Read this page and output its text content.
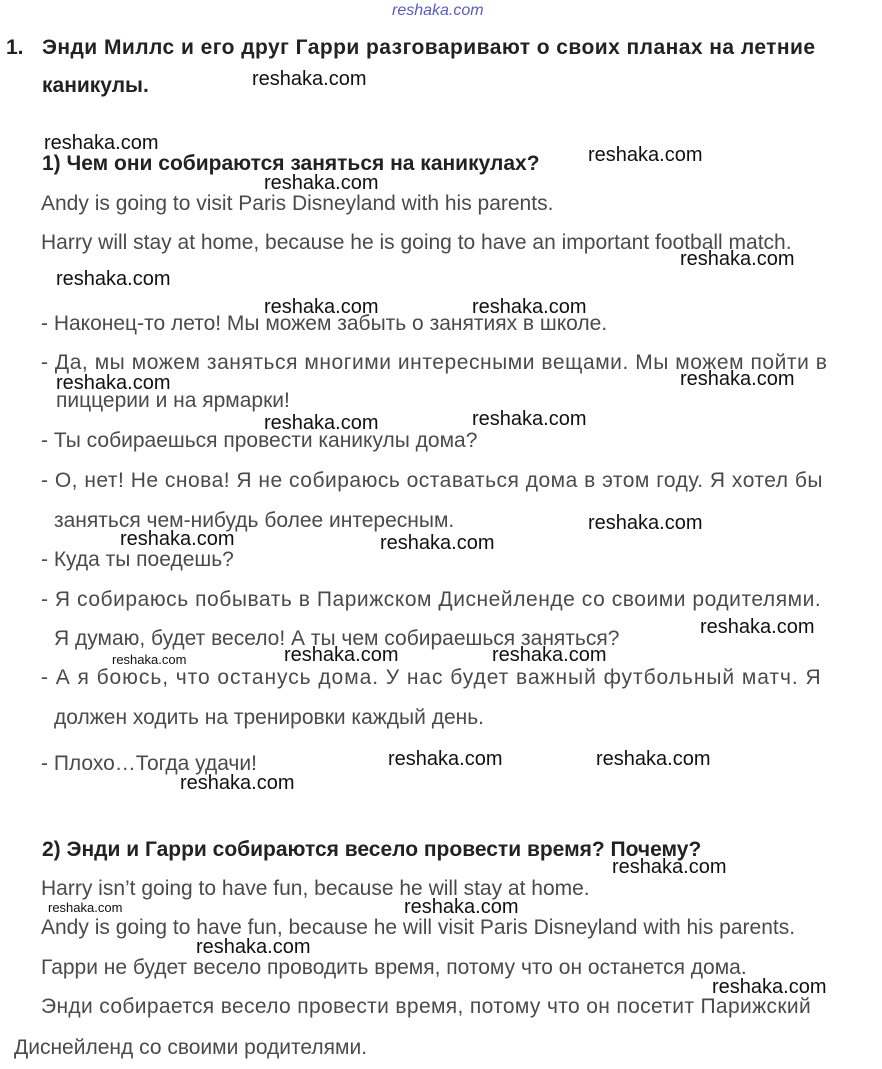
reshaka.com
1. Энди Миллс и его друг Гарри разговаривают о своих планах на летние
каникулы.
1) Чем они собираются заняться на каникулах?
Andy is going to visit Paris Disneyland with his parents.
Harry will stay at home, because he is going to have an important football match.
- Наконец-то лето! Мы можем забыть о занятиях в школе.
- Да, мы можем заняться многими интересными вещами. Мы можем пойти в
пиццерии и на ярмарки!
- Ты собираешься провести каникулы дома?
- О, нет! Не снова! Я не собираюсь оставаться дома в этом году. Я хотел бы
заняться чем-нибудь более интересным.
- Куда ты поедешь?
- Я собираюсь побывать в Парижском Диснейленде со своими родителями.
Я думаю, будет весело! А ты чем собираешься заняться?
- А я боюсь, что останусь дома. У нас будет важный футбольный матч. Я
должен ходить на тренировки каждый день.
- Плохо…Тогда удачи!
2) Энди и Гарри собираются весело провести время? Почему?
Harry isn’t going to have fun, because he will stay at home.
Andy is going to have fun, because he will visit Paris Disneyland with his parents.
Гарри не будет весело проводить время, потому что он останется дома.
Энди собирается весело провести время, потому что он посетит Парижский
Диснейленд со своими родителями.
reshaka.com
reshaka.com
reshaka.com
reshaka.com
reshaka.com
reshaka.com
reshaka.com	reshaka.com
reshaka.com	reshaka.com
reshaka.com	reshaka.com
reshaka.com
reshaka.com	reshaka.com
reshaka.com
reshaka.com	reshaka.com	reshaka.com
reshaka.com	reshaka.com
reshaka.com
reshaka.com
reshaka.com	reshaka.com
reshaka.com
reshaka.com
